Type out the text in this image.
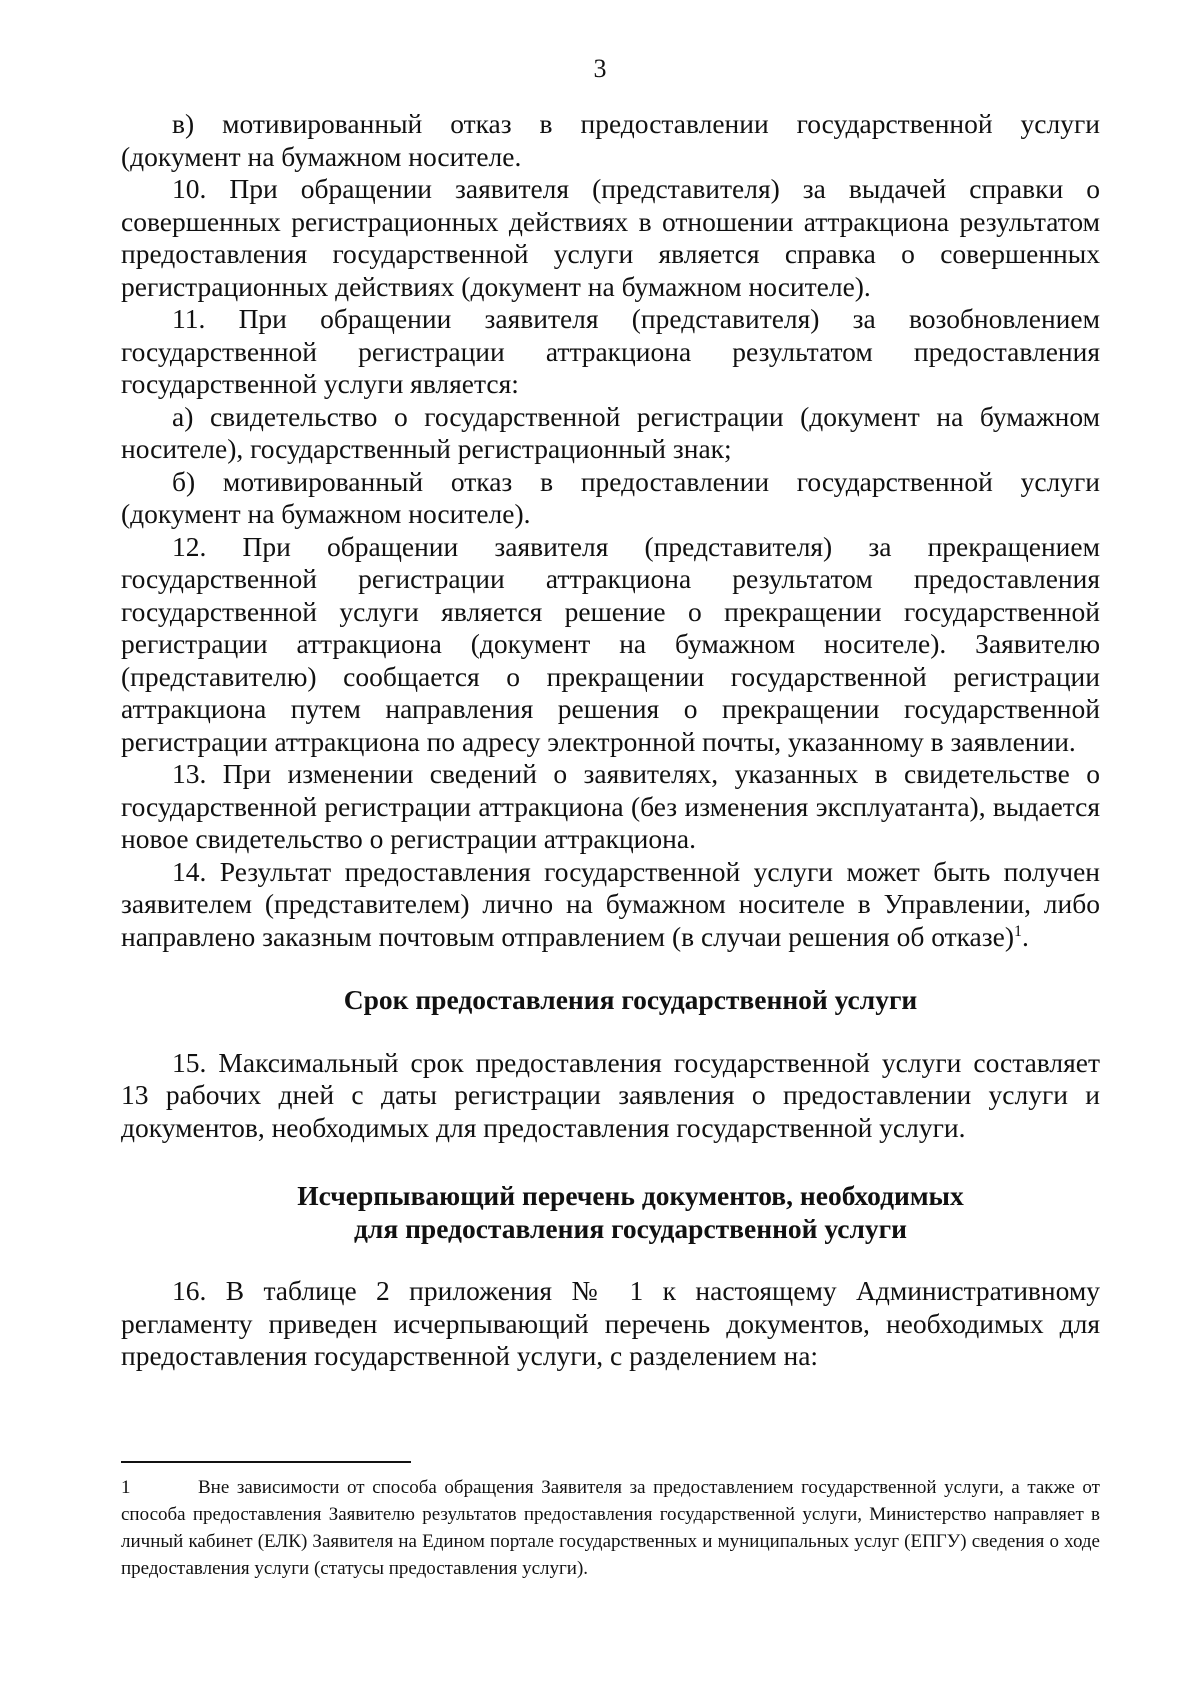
3

в) мотивированный отказ в предоставлении государственной услуги (документ на бумажном носителе.

10. При обращении заявителя (представителя) за выдачей справки о совершенных регистрационных действиях в отношении аттракциона результатом предоставления государственной услуги является справка о совершенных регистрационных действиях (документ на бумажном носителе).

11. При обращении заявителя (представителя) за возобновлением государственной регистрации аттракциона результатом предоставления государственной услуги является:

а) свидетельство о государственной регистрации (документ на бумажном носителе), государственный регистрационный знак;

б) мотивированный отказ в предоставлении государственной услуги (документ на бумажном носителе).

12. При обращении заявителя (представителя) за прекращением государственной регистрации аттракциона результатом предоставления государственной услуги является решение о прекращении государственной регистрации аттракциона (документ на бумажном носителе). Заявителю (представителю) сообщается о прекращении государственной регистрации аттракциона путем направления решения о прекращении государственной регистрации аттракциона по адресу электронной почты, указанному в заявлении.

13. При изменении сведений о заявителях, указанных в свидетельстве о государственной регистрации аттракциона (без изменения эксплуатанта), выдается новое свидетельство о регистрации аттракциона.

14. Результат предоставления государственной услуги может быть получен заявителем (представителем) лично на бумажном носителе в Управлении, либо направлено заказным почтовым отправлением (в случаи решения об отказе)$^1$.

Срок предоставления государственной услуги

15. Максимальный срок предоставления государственной услуги составляет 13 рабочих дней с даты регистрации заявления о предоставлении услуги и документов, необходимых для предоставления государственной услуги.

Исчерпывающий перечень документов, необходимых
для предоставления государственной услуги

16. В таблице 2 приложения № 1 к настоящему Административному регламенту приведен исчерпывающий перечень документов, необходимых для предоставления государственной услуги, с разделением на:

1	Вне зависимости от способа обращения Заявителя за предоставлением государственной услуги, а также от способа предоставления Заявителю результатов предоставления государственной услуги, Министерство направляет в личный кабинет (ЕЛК) Заявителя на Едином портале государственных и муниципальных услуг (ЕПГУ) сведения о ходе предоставления услуги (статусы предоставления услуги).
